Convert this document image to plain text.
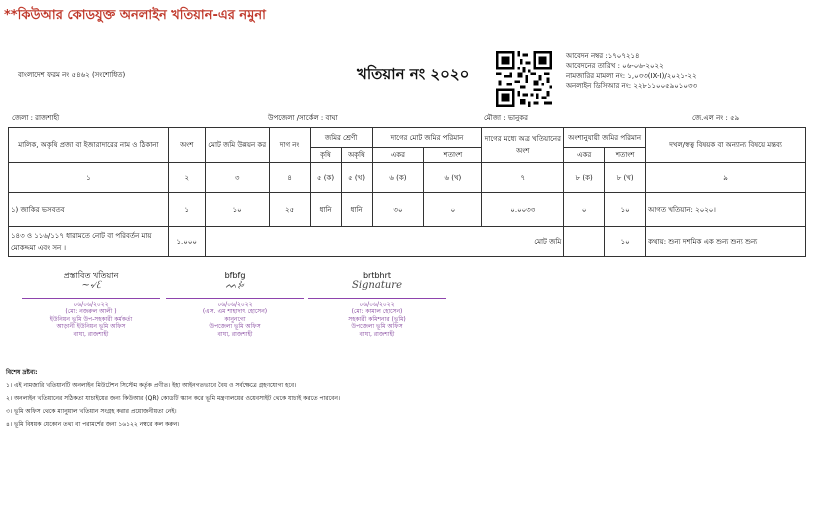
**কিউআর কোডযুক্ত অনলাইন খতিয়ান-এর নমুনা
বাংলাদেশ ফরম নং ৫৪৬২ (সংশোধিত)	খতিয়ান নং ২০২০
আবেদন নম্বর :১৭০৭২১৪
আবেদনের তারিখ : ০৬-০৬-২০২২
নামজারির মামলা নং: ১,০৩৩(IX-I)/২০২১-২২
অনলাইন ডিসিআর নং: ২২৮১১০০৫৯০১০৩৩
জেলা : রাজশাহী	উপজেলা /সার্কেল : বাঘা	মৌজা : ভানুকর	জে.এল নং : ৫৯
মালিক, অকৃষি প্রজা বা ইজারাদারের নাম ও ঠিকানা	অংশ	মোট জমি উন্নয়ন কর	দাগ নং	জমির শ্রেণী		দাগের মোট জমির পরিমান		দাগের মধ্যে অত্র খতিয়ানের অংশ	অংশানুযায়ী জমির পরিমান		দখল/স্বত্ব বিষয়ক বা অন্যান্য বিষয়ে মন্তব্য
				কৃষি	অকৃষি	একর	শতাংশ		একর	শতাংশ	
১	২	৩	৪	৫ (ক)	৫ (খ)	৬ (ক)	৬ (খ)	৭	৮ (ক)	৮ (খ)	৯
১) জাকির ভসবতব	১	১০	২৫	ধানি	ধানি	৩০	০	০.০০৩৩	০	১০	আগত খতিয়ান: ২০২০।
১৪৩ ও ১১৬/১১৭ ধারামতে নোট বা পরিবর্তন মায় মোকদ্দমা এবং সন ।	১.০০০	মোট জমি								১০	কথায়: শুন্য দশমিক এক শুন্য শুন্য শুন্য
প্রস্তাবিত খতিয়ান
~৵ᦷ
০৬/০৬/২০২২
(মো: নজরুল আলী )
ইউনিয়ন ভূমি উপ-সহকারী কর্মকর্তা
আড়ানী ইউনিয়ন ভূমি অফিস
বাঘা, রাজশাহী
bfbfg
ᨓ⌇⸗
০৬/০৬/২০২২
(এস. এম শাহাদাৎ হোসেন)
কানুনগো
উপজেলা ভূমি অফিস
বাঘা, রাজশাহী
brtbhrt
Signature
০৬/০৬/২০২২
(মো: কামাল হোসেন)
সহকারী কমিশনার (ভূমি)
উপজেলা ভূমি অফিস
বাঘা, রাজশাহী
বিশেষ দ্রষ্টব্য:
১। এই নামজারি খতিয়ানটি অনলাইন মিউটেশন সিস্টেম কর্তৃক প্রণীত। ইহা আইনগতভাবে বৈধ ও সর্বক্ষেত্রে গ্রহণযোগ্য হবে।
২। অনলাইন খতিয়ানের সঠিকতা যাচাইয়ের জন্য কিউআর (QR) কোডটি স্ক্যান করে ভূমি মন্ত্রণালয়ের ওয়েবসাইট থেকে যাচাই করতে পারবেন।
৩। ভূমি অফিস থেকে ম্যানুয়াল খতিয়ান সংগ্রহ করার প্রয়োজনীয়তা নেই।
৪। ভূমি বিষয়ক যেকোন তথ্য বা পরামর্শের জন্য ১৬১২২ নম্বরে কল করুন।
